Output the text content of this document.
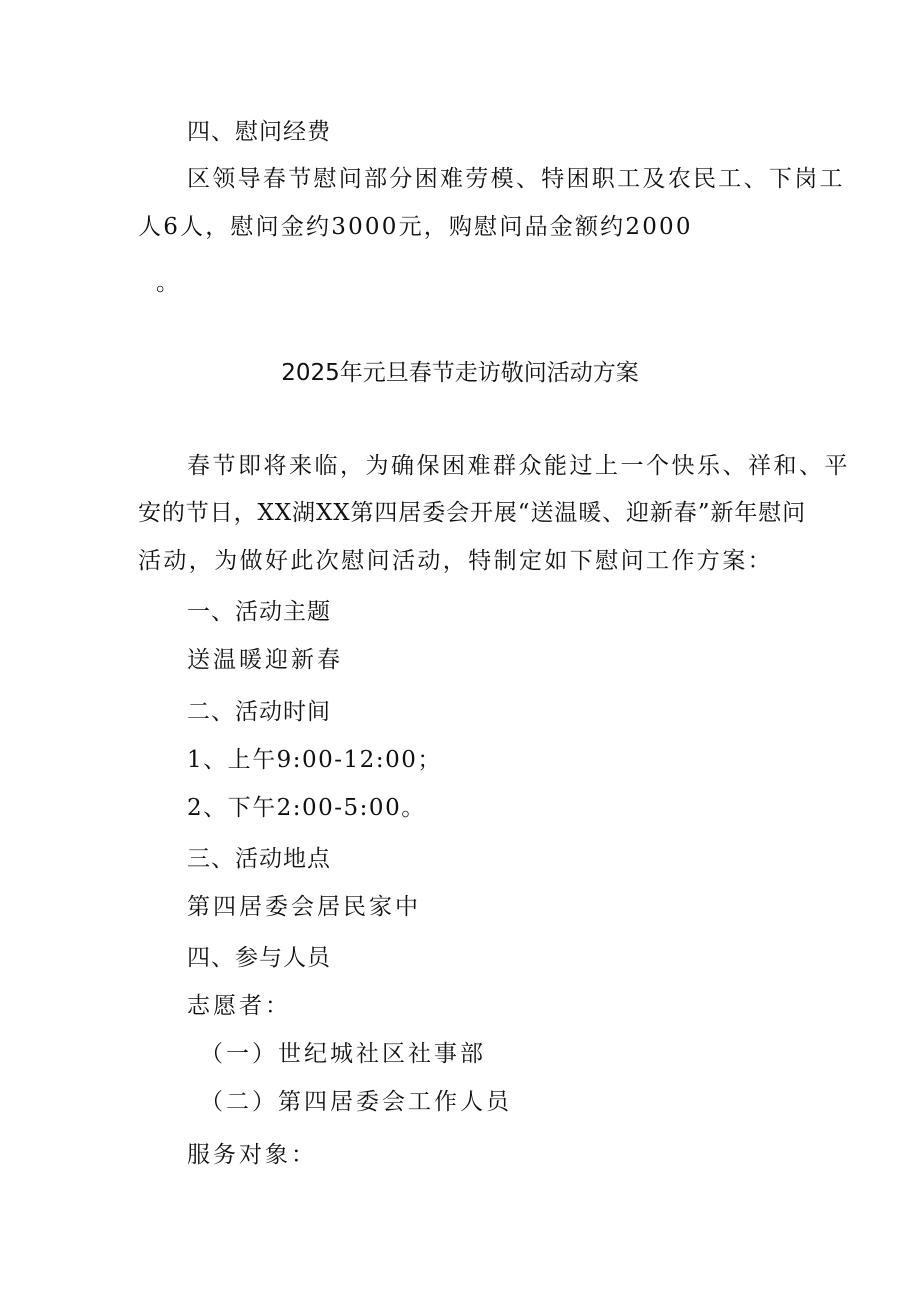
四、慰问经费
区领导春节慰问部分困难劳模、特困职工及农民工、下岗工
人6人，慰问金约3000元，购慰问品金额约2000
。
2025年元旦春节走访敬问活动方案
春节即将来临，为确保困难群众能过上一个快乐、祥和、平
安的节日，XX湖XX第四居委会开展“送温暖、迎新春”新年慰问
活动，为做好此次慰问活动，特制定如下慰问工作方案：
一、活动主题
送温暖迎新春
二、活动时间
1、上午9:00-12:00；
2、下午2:00-5:00。
三、活动地点
第四居委会居民家中
四、参与人员
志愿者：
（一）世纪城社区社事部
（二）第四居委会工作人员
服务对象：
